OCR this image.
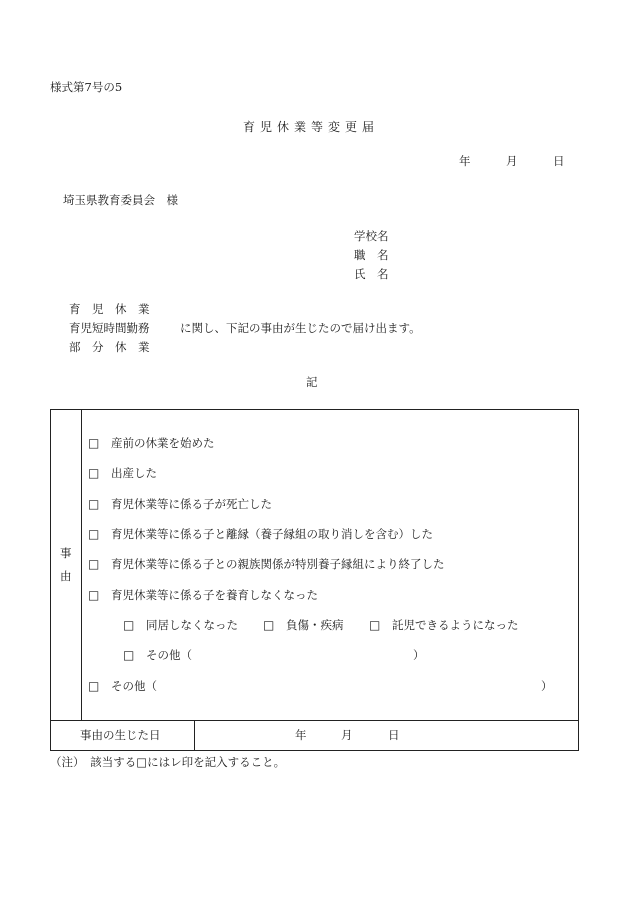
様式第7号の5
育児休業等変更届
年	月	日
埼玉県教育委員会　様
学校名
職　名
氏　名
育　児　休　業
育児短時間勤務
部　分　休　業
に関し、下記の事由が生じたので届け出ます。
記
事
由
□ 産前の休業を始めた
□ 出産した
□ 育児休業等に係る子が死亡した
□ 育児休業等に係る子と離縁（養子縁組の取り消しを含む）した
□ 育児休業等に係る子との親族関係が特別養子縁組により終了した
□ 育児休業等に係る子を養育しなくなった
□ 同居しなくなった □ 負傷・疾病 □ 託児できるようになった
□ その他（	）
□ その他（	）
事由の生じた日	年	月	日
（注）　該当する□にはレ印を記入すること。
